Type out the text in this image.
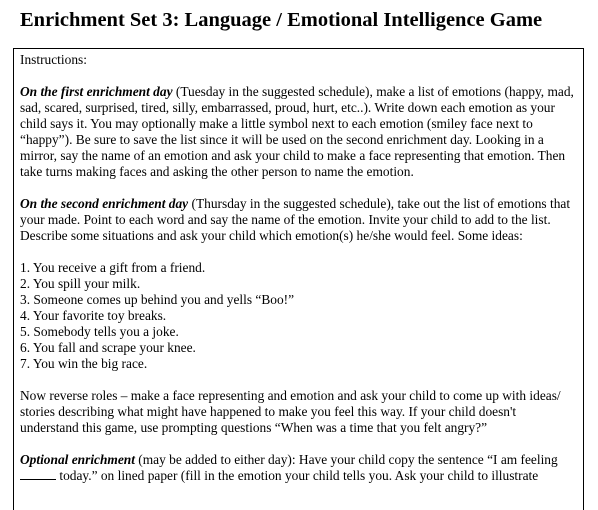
Enrichment Set 3: Language / Emotional Intelligence Game

Instructions:

On the first enrichment day (Tuesday in the suggested schedule), make a list of emotions (happy, mad, sad, scared, surprised, tired, silly, embarrassed, proud, hurt, etc..). Write down each emotion as your child says it. You may optionally make a little symbol next to each emotion (smiley face next to “happy”). Be sure to save the list since it will be used on the second enrichment day. Looking in a mirror, say the name of an emotion and ask your child to make a face representing that emotion. Then take turns making faces and asking the other person to name the emotion.

On the second enrichment day (Thursday in the suggested schedule), take out the list of emotions that your made. Point to each word and say the name of the emotion. Invite your child to add to the list. Describe some situations and ask your child which emotion(s) he/she would feel. Some ideas:

1. You receive a gift from a friend.
2. You spill your milk.
3. Someone comes up behind you and yells “Boo!”
4. Your favorite toy breaks.
5. Somebody tells you a joke.
6. You fall and scrape your knee.
7. You win the big race.

Now reverse roles – make a face representing and emotion and ask your child to come up with ideas/ stories describing what might have happened to make you feel this way. If your child doesn't understand this game, use prompting questions “When was a time that you felt angry?”

Optional enrichment (may be added to either day): Have your child copy the sentence “I am feeling  today.” on lined paper (fill in the emotion your child tells you. Ask your child to illustrate
